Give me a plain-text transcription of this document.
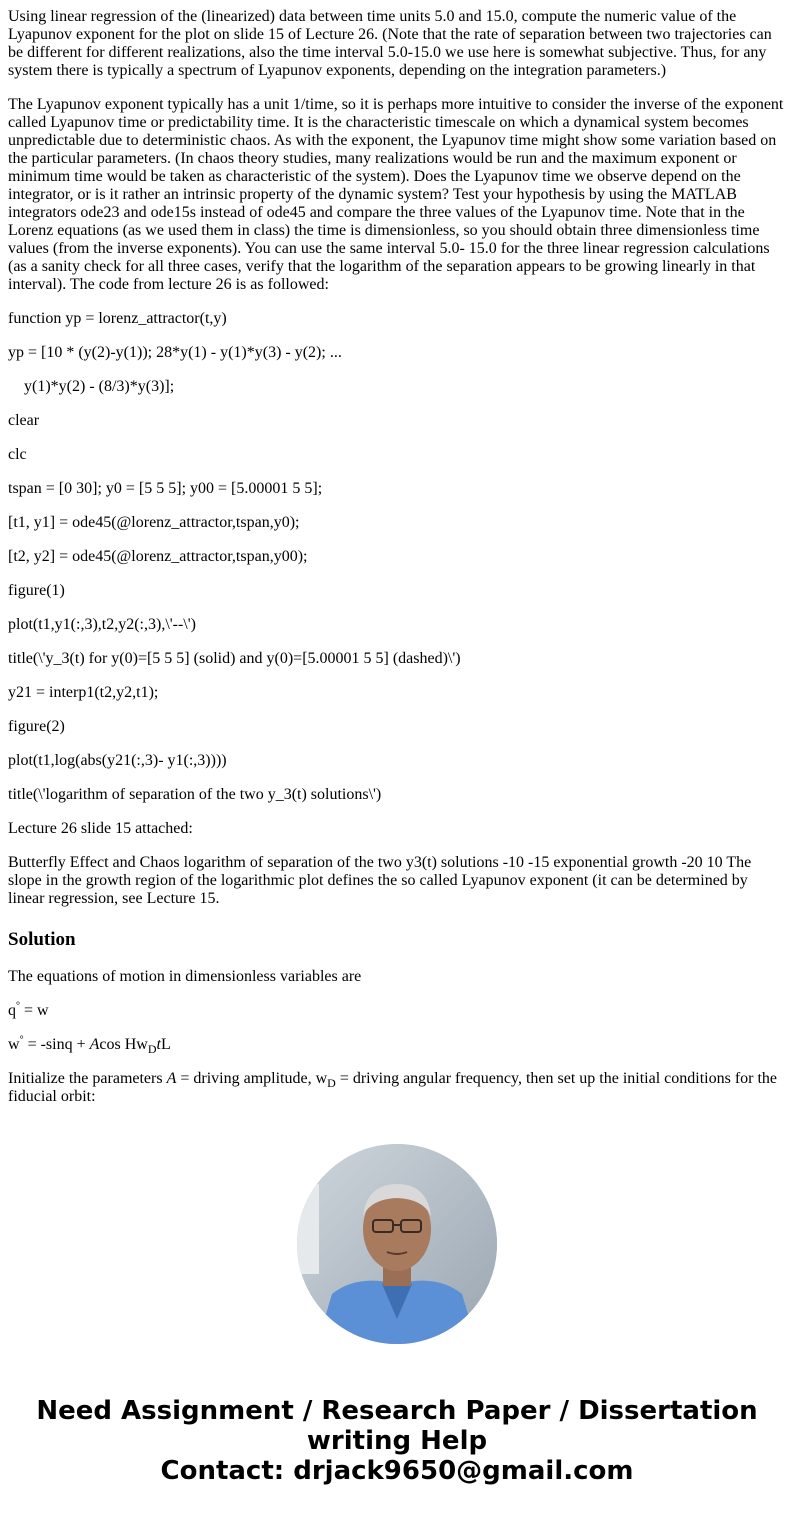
Using linear regression of the (linearized) data between time units 5.0 and 15.0, compute the numeric value of the Lyapunov exponent for the plot on slide 15 of Lecture 26. (Note that the rate of separation between two trajectories can be different for different realizations, also the time interval 5.0-15.0 we use here is somewhat subjective. Thus, for any system there is typically a spectrum of Lyapunov exponents, depending on the integration parameters.)

The Lyapunov exponent typically has a unit 1/time, so it is perhaps more intuitive to consider the inverse of the exponent called Lyapunov time or predictability time. It is the characteristic timescale on which a dynamical system becomes unpredictable due to deterministic chaos. As with the exponent, the Lyapunov time might show some variation based on the particular parameters. (In chaos theory studies, many realizations would be run and the maximum exponent or minimum time would be taken as characteristic of the system). Does the Lyapunov time we observe depend on the integrator, or is it rather an intrinsic property of the dynamic system? Test your hypothesis by using the MATLAB integrators ode23 and ode15s instead of ode45 and compare the three values of the Lyapunov time. Note that in the Lorenz equations (as we used them in class) the time is dimensionless, so you should obtain three dimensionless time values (from the inverse exponents). You can use the same interval 5.0- 15.0 for the three linear regression calculations (as a sanity check for all three cases, verify that the logarithm of the separation appears to be growing linearly in that interval). The code from lecture 26 is as followed:

function yp = lorenz_attractor(t,y)

yp = [10 * (y(2)-y(1)); 28*y(1) - y(1)*y(3) - y(2); ...

y(1)*y(2) - (8/3)*y(3)];

clear

clc

tspan = [0 30]; y0 = [5 5 5]; y00 = [5.00001 5 5];

[t1, y1] = ode45(@lorenz_attractor,tspan,y0);

[t2, y2] = ode45(@lorenz_attractor,tspan,y00);

figure(1)

plot(t1,y1(:,3),t2,y2(:,3),\'--\')

title(\'y_3(t) for y(0)=[5 5 5] (solid) and y(0)=[5.00001 5 5] (dashed)\')

y21 = interp1(t2,y2,t1);

figure(2)

plot(t1,log(abs(y21(:,3)- y1(:,3))))

title(\'logarithm of separation of the two y_3(t) solutions\')

Lecture 26 slide 15 attached:

Butterfly Effect and Chaos logarithm of separation of the two y3(t) solutions -10 -15 exponential growth -20 10 The slope in the growth region of the logarithmic plot defines the so called Lyapunov exponent (it can be determined by linear regression, see Lecture 15.

Solution

The equations of motion in dimensionless variables are

q° = w

w° = -sinq + Acos $Hw_DtL$

Initialize the parameters A = driving amplitude, $w_D$ = driving angular frequency, then set up the initial conditions for the fiducial orbit:

Need Assignment / Research Paper / Dissertation
writing Help
Contact: drjack9650@gmail.com
